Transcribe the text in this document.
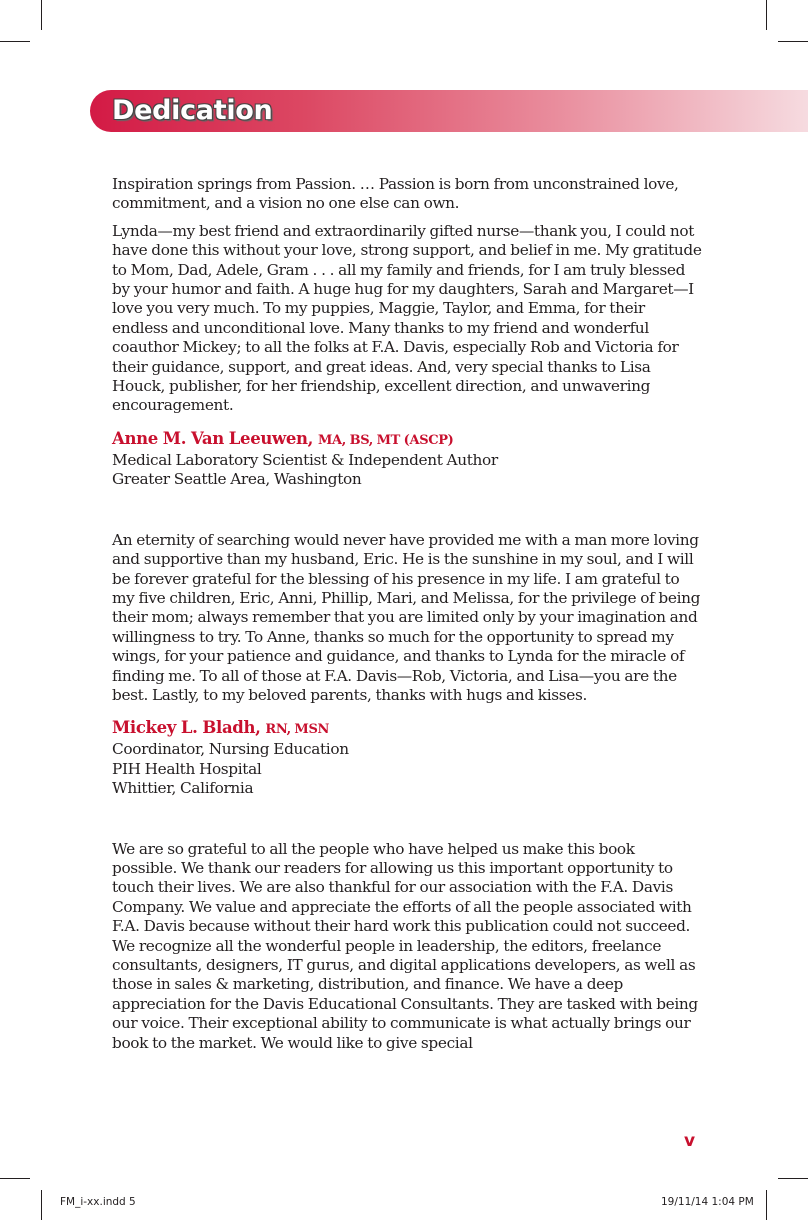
Dedication

Inspiration springs from Passion. … Passion is born from unconstrained love, commitment, and a vision no one else can own.

Lynda—my best friend and extraordinarily gifted nurse—thank you, I could not have done this without your love, strong support, and belief in me. My gratitude to Mom, Dad, Adele, Gram . . . all my family and friends, for I am truly blessed by your humor and faith. A huge hug for my daughters, Sarah and Margaret—I love you very much. To my puppies, Maggie, Taylor, and Emma, for their endless and unconditional love. Many thanks to my friend and wonderful coauthor Mickey; to all the folks at F.A. Davis, especially Rob and Victoria for their guidance, support, and great ideas. And, very special thanks to Lisa Houck, publisher, for her friendship, excellent direction, and unwavering encouragement.

Anne M. Van Leeuwen, MA, BS, MT (ASCP)

Medical Laboratory Scientist & Independent Author

Greater Seattle Area, Washington

An eternity of searching would never have provided me with a man more loving and supportive than my husband, Eric. He is the sunshine in my soul, and I will be forever grateful for the blessing of his presence in my life. I am grateful to my five children, Eric, Anni, Phillip, Mari, and Melissa, for the privilege of being their mom; always remember that you are limited only by your imagination and willingness to try. To Anne, thanks so much for the opportunity to spread my wings, for your patience and guidance, and thanks to Lynda for the miracle of finding me. To all of those at F.A. Davis—Rob, Victoria, and Lisa—you are the best. Lastly, to my beloved parents, thanks with hugs and kisses.

Mickey L. Bladh, RN, MSN

Coordinator, Nursing Education

PIH Health Hospital

Whittier, California

We are so grateful to all the people who have helped us make this book possible. We thank our readers for allowing us this important opportunity to touch their lives. We are also thankful for our association with the F.A. Davis Company. We value and appreciate the efforts of all the people associated with F.A. Davis because without their hard work this publication could not succeed. We recognize all the wonderful people in leadership, the editors, freelance consultants, designers, IT gurus, and digital applications developers, as well as those in sales & marketing, distribution, and finance. We have a deep appreciation for the Davis Educational Consultants. They are tasked with being our voice. Their exceptional ability to communicate is what actually brings our book to the market. We would like to give special

v
FM_i-xx.indd 5	19/11/14 1:04 PM
